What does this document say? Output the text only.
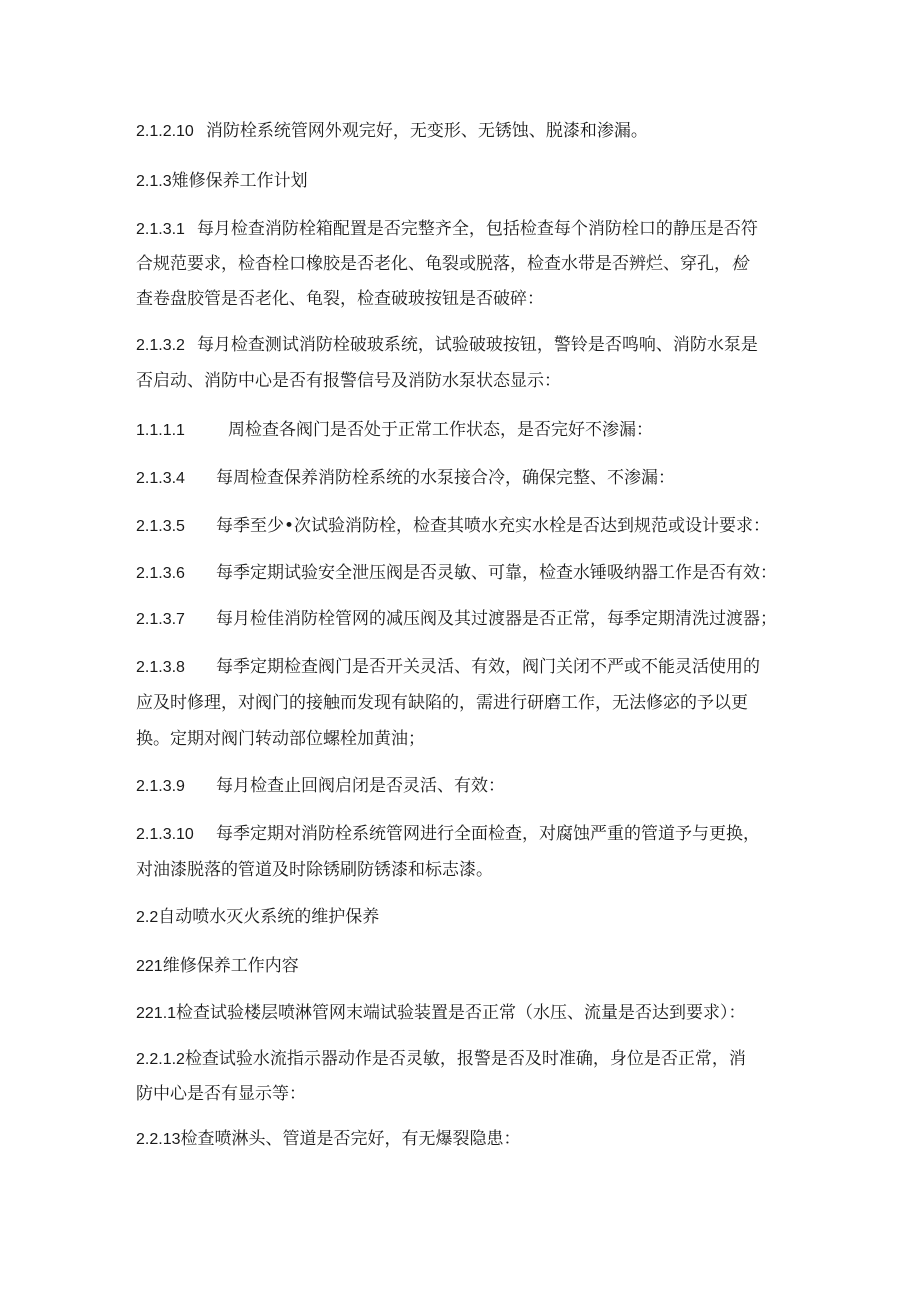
2.1.2.10 消防栓系统管网外观完好，无变形、无锈蚀、脱漆和渗漏。
2.1.3雉修保养工作计划
2.1.3.1 每月检查消防栓箱配置是否完整齐全，包括检查每个消防栓口的静压是否符
合规范要求，检杳栓口橡胶是否老化、龟裂或脱落，检查水带是否辨烂、穿孔，检
查卷盘胶管是否老化、龟裂，检查破玻按钮是否破碎：
2.1.3.2 每月检查测试消防栓破玻系统，试验破玻按钮，警铃是否鸣响、消防水泵是
否启动、消防中心是否有报警信号及消防水泵状态显示：
1.1.1.1	周检查各阀门是否处于正常工作状态，是否完好不渗漏：
2.1.3.4 每周检查保养消防栓系统的水泵接合冷，确保完整、不渗漏：
2.1.3.5 每季至少•次试验消防栓，检查其喷水充实水栓是否达到规范或设计要求：
2.1.3.6 每季定期试验安全泄压阀是否灵敏、可靠，检查水锤吸纳器工作是否有效：
2.1.3.7 每月检佳消防栓管网的减压阀及其过渡器是否正常，每季定期清洗过渡器；
2.1.3.8 每季定期检查阀门是否开关灵活、有效，阀门关闭不严或不能灵活使用的
应及时修理，对阀门的接触而发现有缺陷的，需进行研磨工作，无法修宓的予以更
换。定期对阀门转动部位螺栓加黄油；
2.1.3.9 每月检查止回阀启闭是否灵活、有效：
2.1.3.10 每季定期对消防栓系统管网进行全面检查，对腐蚀严重的管道予与更换，
对油漆脱落的管道及时除锈刷防锈漆和标志漆。
2.2自动喷水灭火系统的维护保养
221维修保养工作内容
221.1检查试验楼层喷淋管网末端试验装置是否正常（水压、流量是否达到要求）：
2.2.1.2检查试验水流指示器动作是否灵敏，报警是否及时准确，身位是否正常，消
防中心是否有显示等：
2.2.13检查喷淋头、管道是否完好，有无爆裂隐患：
